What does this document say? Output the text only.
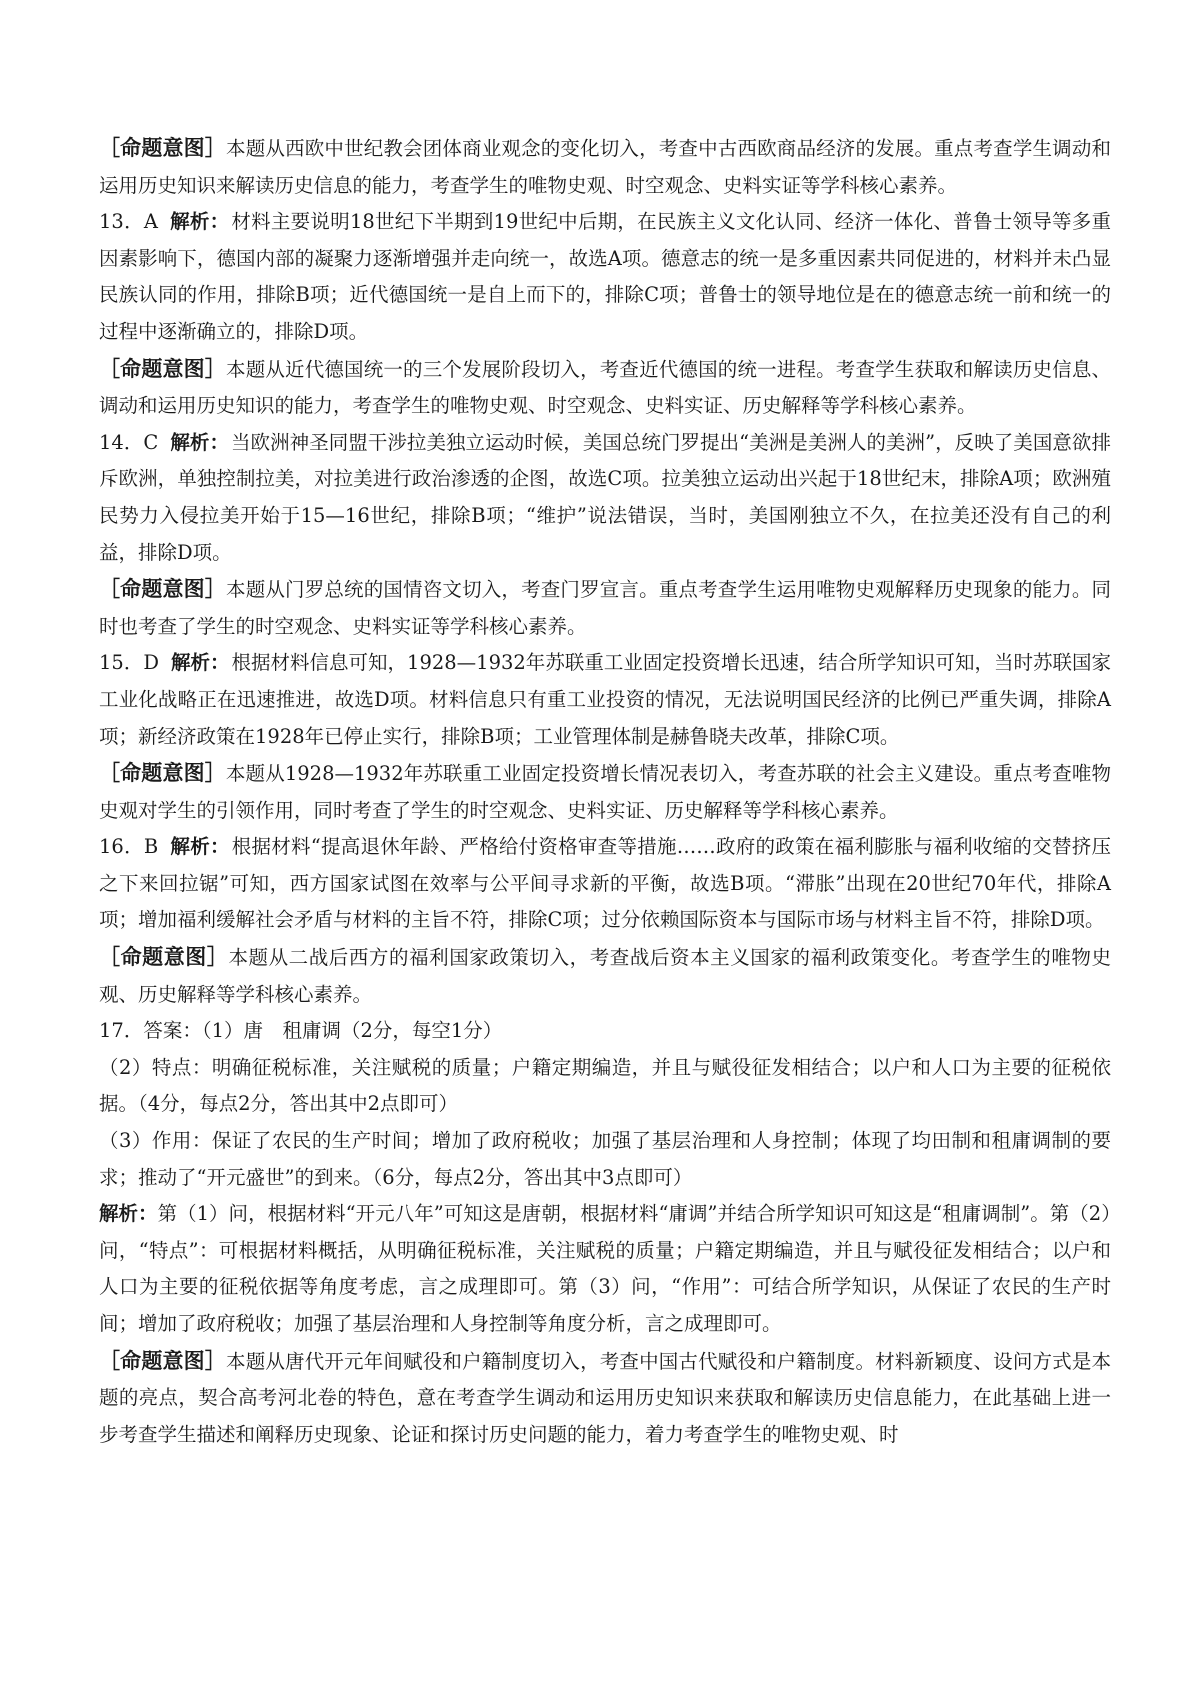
［命题意图］本题从西欧中世纪教会团体商业观念的变化切入，考查中古西欧商品经济的发展。重点考查学生调动和运用历史知识来解读历史信息的能力，考查学生的唯物史观、时空观念、史料实证等学科核心素养。

13．A 解析： 材料主要说明18世纪下半期到19世纪中后期，在民族主义文化认同、经济一体化、普鲁士领导等多重因素影响下，德国内部的凝聚力逐渐增强并走向统一，故选A项。德意志的统一是多重因素共同促进的，材料并未凸显民族认同的作用，排除B项；近代德国统一是自上而下的，排除C项；普鲁士的领导地位是在的德意志统一前和统一的过程中逐渐确立的，排除D项。

［命题意图］本题从近代德国统一的三个发展阶段切入，考查近代德国的统一进程。考查学生获取和解读历史信息、调动和运用历史知识的能力，考查学生的唯物史观、时空观念、史料实证、历史解释等学科核心素养。

14．C 解析： 当欧洲神圣同盟干涉拉美独立运动时候，美国总统门罗提出“美洲是美洲人的美洲”，反映了美国意欲排斥欧洲，单独控制拉美，对拉美进行政治渗透的企图，故选C项。拉美独立运动出兴起于18世纪末，排除A项；欧洲殖民势力入侵拉美开始于15—16世纪，排除B项；“维护”说法错误，当时，美国刚独立不久，在拉美还没有自己的利益，排除D项。

［命题意图］本题从门罗总统的国情咨文切入，考查门罗宣言。重点考查学生运用唯物史观解释历史现象的能力。同时也考查了学生的时空观念、史料实证等学科核心素养。

15．D 解析： 根据材料信息可知，1928—1932年苏联重工业固定投资增长迅速，结合所学知识可知，当时苏联国家工业化战略正在迅速推进，故选D项。材料信息只有重工业投资的情况，无法说明国民经济的比例已严重失调，排除A项；新经济政策在1928年已停止实行，排除B项；工业管理体制是赫鲁晓夫改革，排除C项。

［命题意图］本题从1928—1932年苏联重工业固定投资增长情况表切入，考查苏联的社会主义建设。重点考查唯物史观对学生的引领作用，同时考查了学生的时空观念、史料实证、历史解释等学科核心素养。

16．B 解析： 根据材料“提高退休年龄、严格给付资格审查等措施……政府的政策在福利膨胀与福利收缩的交替挤压之下来回拉锯”可知，西方国家试图在效率与公平间寻求新的平衡，故选B项。“滞胀”出现在20世纪70年代，排除A项；增加福利缓解社会矛盾与材料的主旨不符，排除C项；过分依赖国际资本与国际市场与材料主旨不符，排除D项。

［命题意图］本题从二战后西方的福利国家政策切入，考查战后资本主义国家的福利政策变化。考查学生的唯物史观、历史解释等学科核心素养。

17．答案：（1）唐　租庸调（2分，每空1分）

（2）特点：明确征税标准，关注赋税的质量；户籍定期编造，并且与赋役征发相结合；以户和人口为主要的征税依据。（4分，每点2分，答出其中2点即可）

（3）作用：保证了农民的生产时间；增加了政府税收；加强了基层治理和人身控制；体现了均田制和租庸调制的要求；推动了“开元盛世”的到来。（6分，每点2分，答出其中3点即可）

解析：第（1）问，根据材料“开元八年”可知这是唐朝，根据材料“庸调”并结合所学知识可知这是“租庸调制”。第（2）问，“特点”：可根据材料概括，从明确征税标准，关注赋税的质量；户籍定期编造，并且与赋役征发相结合；以户和人口为主要的征税依据等角度考虑，言之成理即可。第（3）问，“作用”：可结合所学知识，从保证了农民的生产时间；增加了政府税收；加强了基层治理和人身控制等角度分析，言之成理即可。

［命题意图］本题从唐代开元年间赋役和户籍制度切入，考查中国古代赋役和户籍制度。材料新颖度、设问方式是本题的亮点，契合高考河北卷的特色，意在考查学生调动和运用历史知识来获取和解读历史信息能力，在此基础上进一步考查学生描述和阐释历史现象、论证和探讨历史问题的能力，着力考查学生的唯物史观、时
